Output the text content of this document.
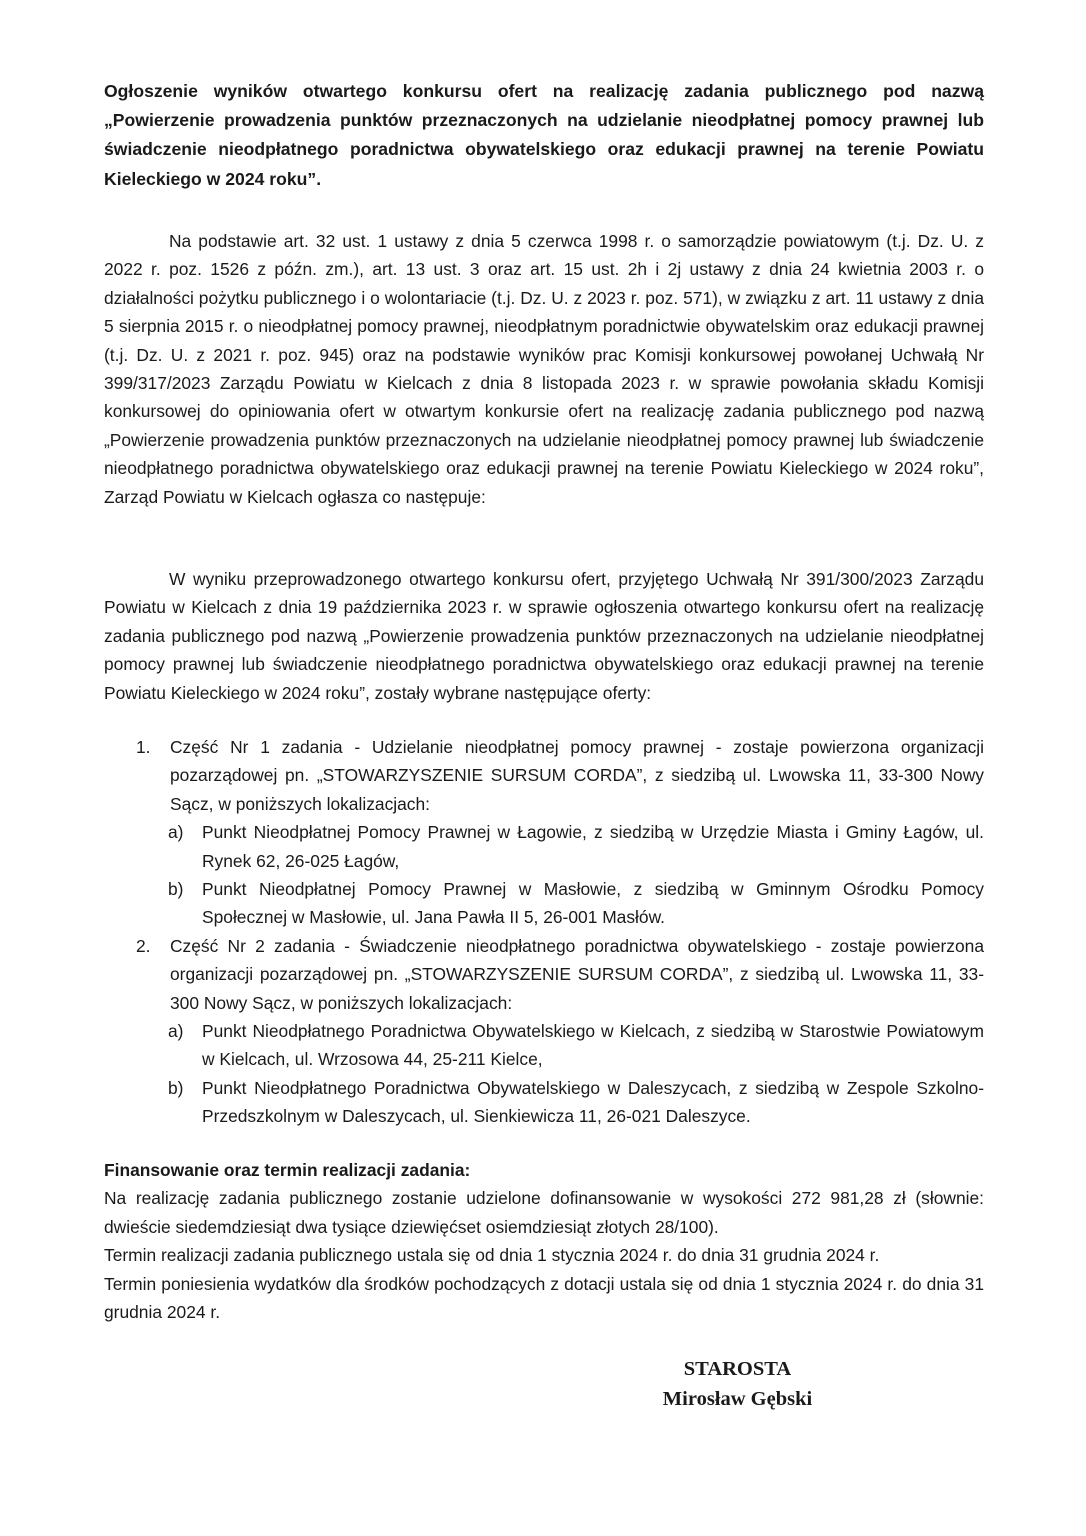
Ogłoszenie wyników otwartego konkursu ofert na realizację zadania publicznego pod nazwą „Powierzenie prowadzenia punktów przeznaczonych na udzielanie nieodpłatnej pomocy prawnej lub świadczenie nieodpłatnego poradnictwa obywatelskiego oraz edukacji prawnej na terenie Powiatu Kieleckiego w 2024 roku”.

Na podstawie art. 32 ust. 1 ustawy z dnia 5 czerwca 1998 r. o samorządzie powiatowym (t.j. Dz. U. z 2022 r. poz. 1526 z późn. zm.), art. 13 ust. 3 oraz art. 15 ust. 2h i 2j ustawy z dnia 24 kwietnia 2003 r. o działalności pożytku publicznego i o wolontariacie (t.j. Dz. U. z 2023 r. poz. 571), w związku z art. 11 ustawy z dnia 5 sierpnia 2015 r. o nieodpłatnej pomocy prawnej, nieodpłatnym poradnictwie obywatelskim oraz edukacji prawnej (t.j. Dz. U. z 2021 r. poz. 945) oraz na podstawie wyników prac Komisji konkursowej powołanej Uchwałą Nr 399/317/2023 Zarządu Powiatu w Kielcach z dnia 8 listopada 2023 r. w sprawie powołania składu Komisji konkursowej do opiniowania ofert w otwartym konkursie ofert na realizację zadania publicznego pod nazwą „Powierzenie prowadzenia punktów przeznaczonych na udzielanie nieodpłatnej pomocy prawnej lub świadczenie nieodpłatnego poradnictwa obywatelskiego oraz edukacji prawnej na terenie Powiatu Kieleckiego w 2024 roku”, Zarząd Powiatu w Kielcach ogłasza co następuje:

W wyniku przeprowadzonego otwartego konkursu ofert, przyjętego Uchwałą Nr 391/300/2023 Zarządu Powiatu w Kielcach z dnia 19 października 2023 r. w sprawie ogłoszenia otwartego konkursu ofert na realizację zadania publicznego pod nazwą „Powierzenie prowadzenia punktów przeznaczonych na udzielanie nieodpłatnej pomocy prawnej lub świadczenie nieodpłatnego poradnictwa obywatelskiego oraz edukacji prawnej na terenie Powiatu Kieleckiego w 2024 roku”, zostały wybrane następujące oferty:

1. Część Nr 1 zadania - Udzielanie nieodpłatnej pomocy prawnej - zostaje powierzona organizacji pozarządowej pn. „STOWARZYSZENIE SURSUM CORDA”, z siedzibą ul. Lwowska 11, 33-300 Nowy Sącz, w poniższych lokalizacjach:
a) Punkt Nieodpłatnej Pomocy Prawnej w Łagowie, z siedzibą w Urzędzie Miasta i Gminy Łagów, ul. Rynek 62, 26-025 Łagów,
b) Punkt Nieodpłatnej Pomocy Prawnej w Masłowie, z siedzibą w Gminnym Ośrodku Pomocy Społecznej w Masłowie, ul. Jana Pawła II 5, 26-001 Masłów.
2. Część Nr 2 zadania - Świadczenie nieodpłatnego poradnictwa obywatelskiego - zostaje powierzona organizacji pozarządowej pn. „STOWARZYSZENIE SURSUM CORDA”, z siedzibą ul. Lwowska 11, 33-300 Nowy Sącz, w poniższych lokalizacjach:
a) Punkt Nieodpłatnego Poradnictwa Obywatelskiego w Kielcach, z siedzibą w Starostwie Powiatowym w Kielcach, ul. Wrzosowa 44, 25-211 Kielce,
b) Punkt Nieodpłatnego Poradnictwa Obywatelskiego w Daleszycach, z siedzibą w Zespole Szkolno-Przedszkolnym w Daleszycach, ul. Sienkiewicza 11, 26-021 Daleszyce.

Finansowanie oraz termin realizacji zadania:

Na realizację zadania publicznego zostanie udzielone dofinansowanie w wysokości 272 981,28 zł (słownie: dwieście siedemdziesiąt dwa tysiące dziewięćset osiemdziesiąt złotych 28/100).

Termin realizacji zadania publicznego ustala się od dnia 1 stycznia 2024 r. do dnia 31 grudnia 2024 r.

Termin poniesienia wydatków dla środków pochodzących z dotacji ustala się od dnia 1 stycznia 2024 r. do dnia 31 grudnia 2024 r.

STAROSTA
Mirosław Gębski
